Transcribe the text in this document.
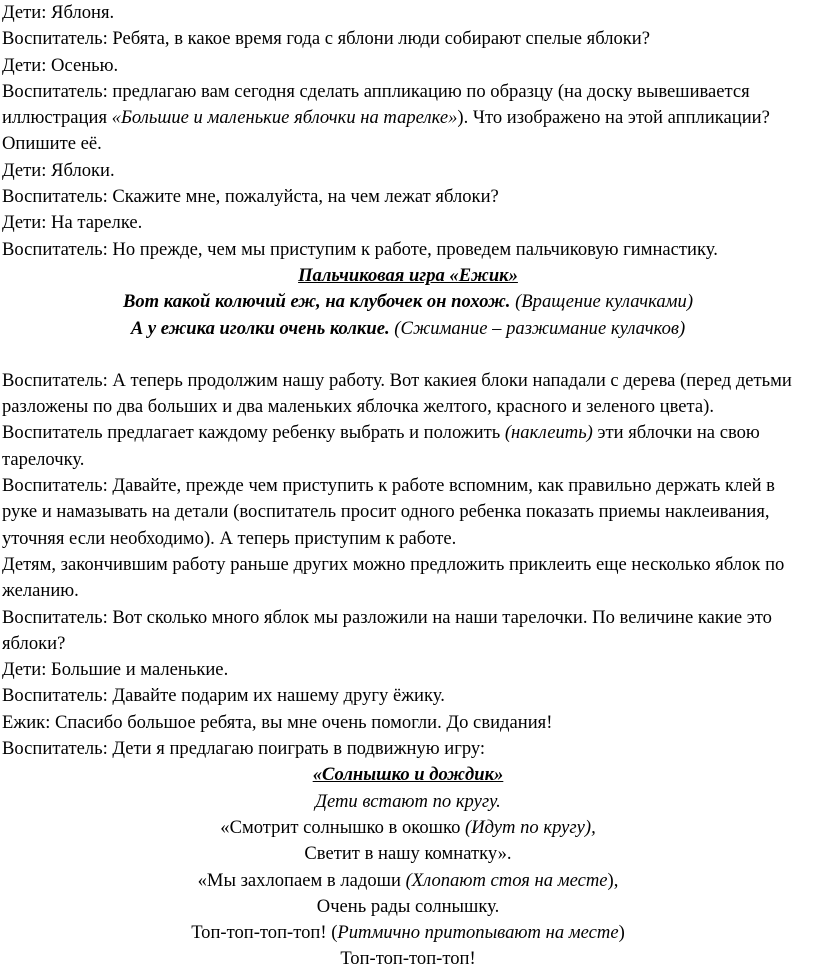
Дети: Яблоня.

Воспитатель: Ребята, в какое время года с яблони люди собирают спелые яблоки?

Дети: Осенью.

Воспитатель: предлагаю вам сегодня сделать аппликацию по образцу (на доску вывешивается иллюстрация «Большие и маленькие яблочки на тарелке»). Что изображено на этой аппликации? Опишите её.

Дети: Яблоки.

Воспитатель: Скажите мне, пожалуйста, на чем лежат яблоки?

Дети: На тарелке.

Воспитатель: Но прежде, чем мы приступим к работе, проведем пальчиковую гимнастику.

Пальчиковая игра «Ежик»

Вот какой колючий еж, на клубочек он похож. (Вращение кулачками)

А у ежика иголки очень колкие. (Сжимание – разжимание кулачков)

Воспитатель: А теперь продолжим нашу работу. Вот какиея блоки нападали с дерева (перед детьми разложены по два больших и два маленьких яблочка желтого, красного и зеленого цвета). Воспитатель предлагает каждому ребенку выбрать и положить (наклеить) эти яблочки на свою тарелочку.

Воспитатель: Давайте, прежде чем приступить к работе вспомним, как правильно держать клей в руке и намазывать на детали (воспитатель просит одного ребенка показать приемы наклеивания, уточняя если необходимо). А теперь приступим к работе.

Детям, закончившим работу раньше других можно предложить приклеить еще несколько яблок по желанию.

Воспитатель: Вот сколько много яблок мы разложили на наши тарелочки. По величине какие это яблоки?

Дети: Большие и маленькие.

Воспитатель: Давайте подарим их нашему другу ёжику.

Ежик: Спасибо большое ребята, вы мне очень помогли. До свидания!

Воспитатель: Дети я предлагаю поиграть в подвижную игру:

«Солнышко и дождик»

Дети встают по кругу.

«Смотрит солнышко в окошко (Идут по кругу),

Светит в нашу комнатку».

«Мы захлопаем в ладоши (Хлопают стоя на месте),

Очень рады солнышку.

Топ-топ-топ-топ! (Ритмично притопывают на месте)

Топ-топ-топ-топ!
